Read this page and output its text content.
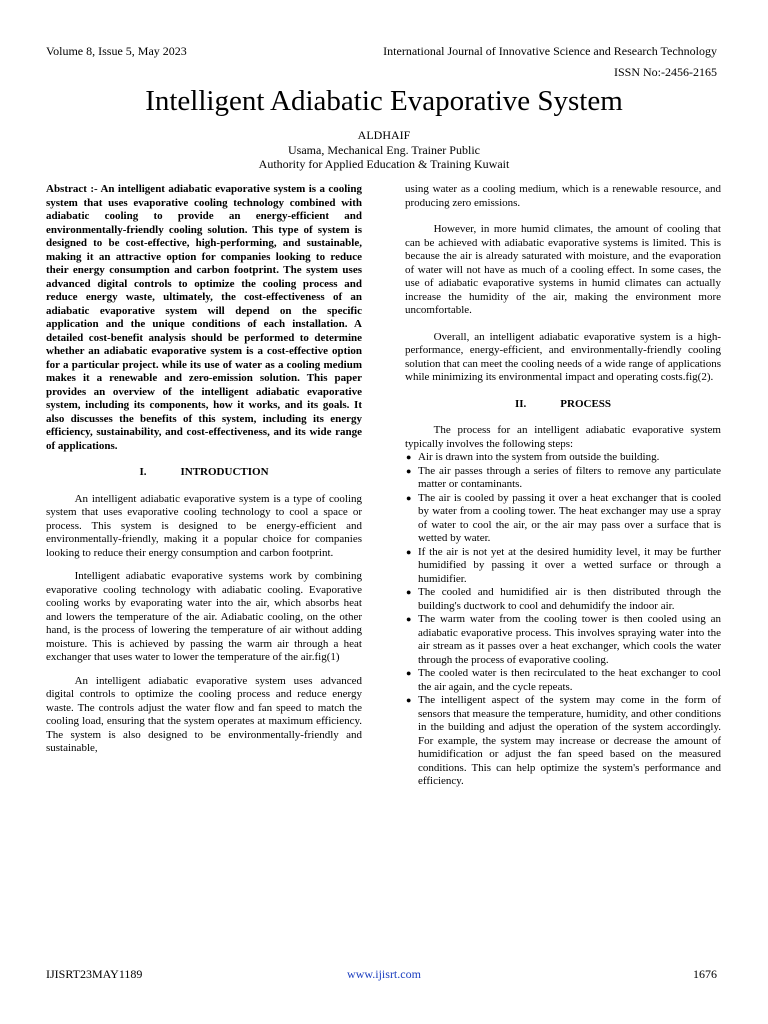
Volume 8, Issue 5, May 2023	International Journal of Innovative Science and Research Technology
ISSN No:-2456-2165
Intelligent Adiabatic Evaporative System
ALDHAIF
Usama, Mechanical Eng. Trainer Public
Authority for Applied Education & Training Kuwait

Abstract :- An intelligent adiabatic evaporative system is a cooling system that uses evaporative cooling technology combined with adiabatic cooling to provide an energy-efficient and environmentally-friendly cooling solution. This type of system is designed to be cost-effective, high-performing, and sustainable, making it an attractive option for companies looking to reduce their energy consumption and carbon footprint. The system uses advanced digital controls to optimize the cooling process and reduce energy waste, ultimately, the cost-effectiveness of an adiabatic evaporative system will depend on the specific application and the unique conditions of each installation. A detailed cost-benefit analysis should be performed to determine whether an adiabatic evaporative system is a cost-effective option for a particular project. while its use of water as a cooling medium makes it a renewable and zero-emission solution. This paper provides an overview of the intelligent adiabatic evaporative system, including its components, how it works, and its goals. It also discusses the benefits of this system, including its energy efficiency, sustainability, and cost-effectiveness, and its wide range of applications.

I.	INTRODUCTION

An intelligent adiabatic evaporative system is a type of cooling system that uses evaporative cooling technology to cool a space or process. This system is designed to be energy-efficient and environmentally-friendly, making it a popular choice for companies looking to reduce their energy consumption and carbon footprint.

Intelligent adiabatic evaporative systems work by combining evaporative cooling technology with adiabatic cooling. Evaporative cooling works by evaporating water into the air, which absorbs heat and lowers the temperature of the air. Adiabatic cooling, on the other hand, is the process of lowering the temperature of air without adding moisture. This is achieved by passing the warm air through a heat exchanger that uses water to lower the temperature of the air.fig(1)

An intelligent adiabatic evaporative system uses advanced digital controls to optimize the cooling process and reduce energy waste. The controls adjust the water flow and fan speed to match the cooling load, ensuring that the system operates at maximum efficiency. The system is also designed to be environmentally-friendly and sustainable,

using water as a cooling medium, which is a renewable resource, and producing zero emissions.

However, in more humid climates, the amount of cooling that can be achieved with adiabatic evaporative systems is limited. This is because the air is already saturated with moisture, and the evaporation of water will not have as much of a cooling effect. In some cases, the use of adiabatic evaporative systems in humid climates can actually increase the humidity of the air, making the environment more uncomfortable.

Overall, an intelligent adiabatic evaporative system is a high-performance, energy-efficient, and environmentally-friendly cooling solution that can meet the cooling needs of a wide range of applications while minimizing its environmental impact and operating costs.fig(2).

II.	PROCESS

The process for an intelligent adiabatic evaporative system typically involves the following steps:

● Air is drawn into the system from outside the building.
● The air passes through a series of filters to remove any particulate matter or contaminants.
● The air is cooled by passing it over a heat exchanger that is cooled by water from a cooling tower. The heat exchanger may use a spray of water to cool the air, or the air may pass over a surface that is wetted by water.
● If the air is not yet at the desired humidity level, it may be further humidified by passing it over a wetted surface or through a humidifier.
● The cooled and humidified air is then distributed through the building's ductwork to cool and dehumidify the indoor air.
● The warm water from the cooling tower is then cooled using an adiabatic evaporative process. This involves spraying water into the air stream as it passes over a heat exchanger, which cools the water through the process of evaporative cooling.
● The cooled water is then recirculated to the heat exchanger to cool the air again, and the cycle repeats.
● The intelligent aspect of the system may come in the form of sensors that measure the temperature, humidity, and other conditions in the building and adjust the operation of the system accordingly. For example, the system may increase or decrease the amount of humidification or adjust the fan speed based on the measured conditions. This can help optimize the system's performance and efficiency.
IJISRT23MAY1189	www.ijisrt.com	1676
